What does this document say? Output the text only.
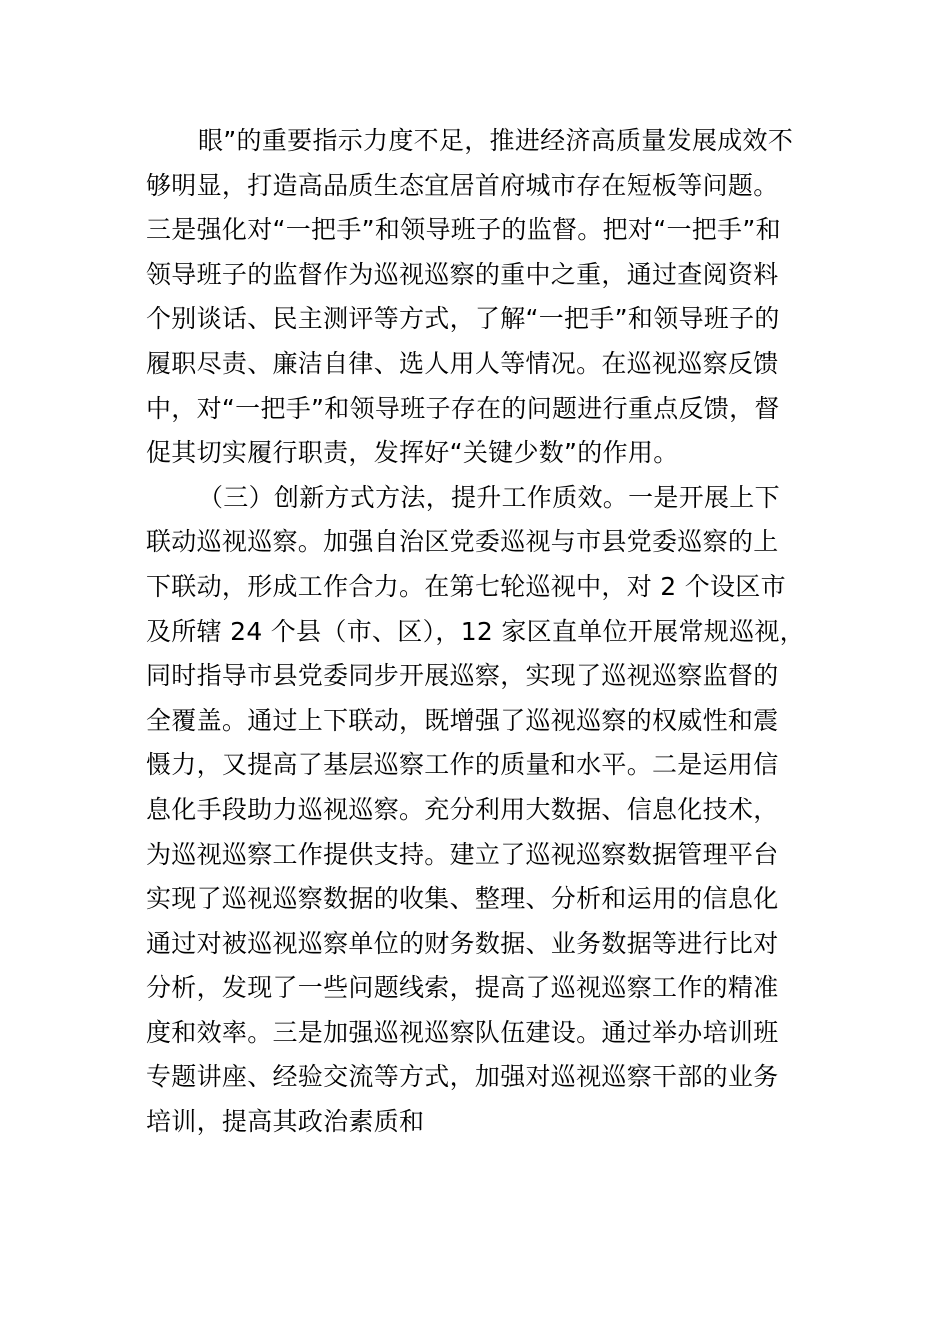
眼”的重要指示力度不足，推进经济高质量发展成效不
够明显，打造高品质生态宜居首府城市存在短板等问题。
三是强化对“一把手”和领导班子的监督。把对“一把手”和
领导班子的监督作为巡视巡察的重中之重，通过查阅资料
个别谈话、民主测评等方式，了解“一把手”和领导班子的
履职尽责、廉洁自律、选人用人等情况。在巡视巡察反馈
中，对“一把手”和领导班子存在的问题进行重点反馈，督
促其切实履行职责，发挥好“关键少数”的作用。
（三）创新方式方法，提升工作质效。一是开展上下
联动巡视巡察。加强自治区党委巡视与市县党委巡察的上
下联动，形成工作合力。在第七轮巡视中，对 2 个设区市
及所辖 24 个县（市、区），12 家区直单位开展常规巡视，
同时指导市县党委同步开展巡察，实现了巡视巡察监督的
全覆盖。通过上下联动，既增强了巡视巡察的权威性和震
慑力，又提高了基层巡察工作的质量和水平。二是运用信
息化手段助力巡视巡察。充分利用大数据、信息化技术，
为巡视巡察工作提供支持。建立了巡视巡察数据管理平台
实现了巡视巡察数据的收集、整理、分析和运用的信息化
通过对被巡视巡察单位的财务数据、业务数据等进行比对
分析，发现了一些问题线索，提高了巡视巡察工作的精准
度和效率。三是加强巡视巡察队伍建设。通过举办培训班
专题讲座、经验交流等方式，加强对巡视巡察干部的业务
培训，提高其政治素质和
